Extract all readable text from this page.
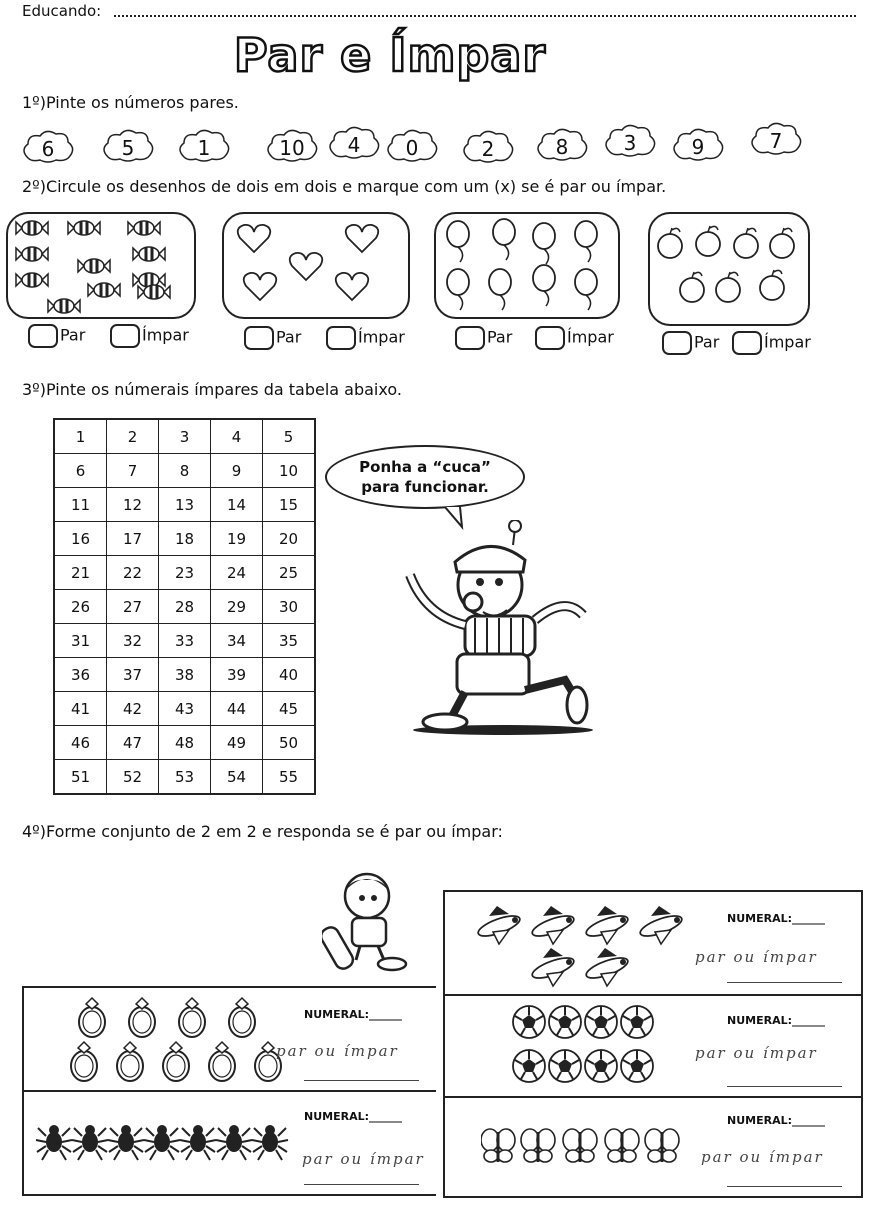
Educando:
Par e Ímpar
1º)Pinte os números pares.
6	5	1	10	4	0	2	8	3	9	7
2º)Circule os desenhos de dois em dois e marque com um (x) se é par ou ímpar.
Par	Ímpar	Par	Ímpar	Par	Ímpar	Par	Ímpar
3º)Pinte os númerais ímpares da tabela abaixo.
1	2	3	4	5
6	7	8	9	10
11	12	13	14	15
16	17	18	19	20
21	22	23	24	25
26	27	28	29	30
31	32	33	34	35
36	37	38	39	40
41	42	43	44	45
46	47	48	49	50
51	52	53	54	55
Ponha a “cuca”
para funcionar.
4º)Forme conjunto de 2 em 2 e responda se é par ou ímpar:
NUMERAL:______
par ou ímpar
NUMERAL:______
par ou ímpar
NUMERAL:______
par ou ímpar
NUMERAL:______
par ou ímpar
NUMERAL:______
par ou ímpar
